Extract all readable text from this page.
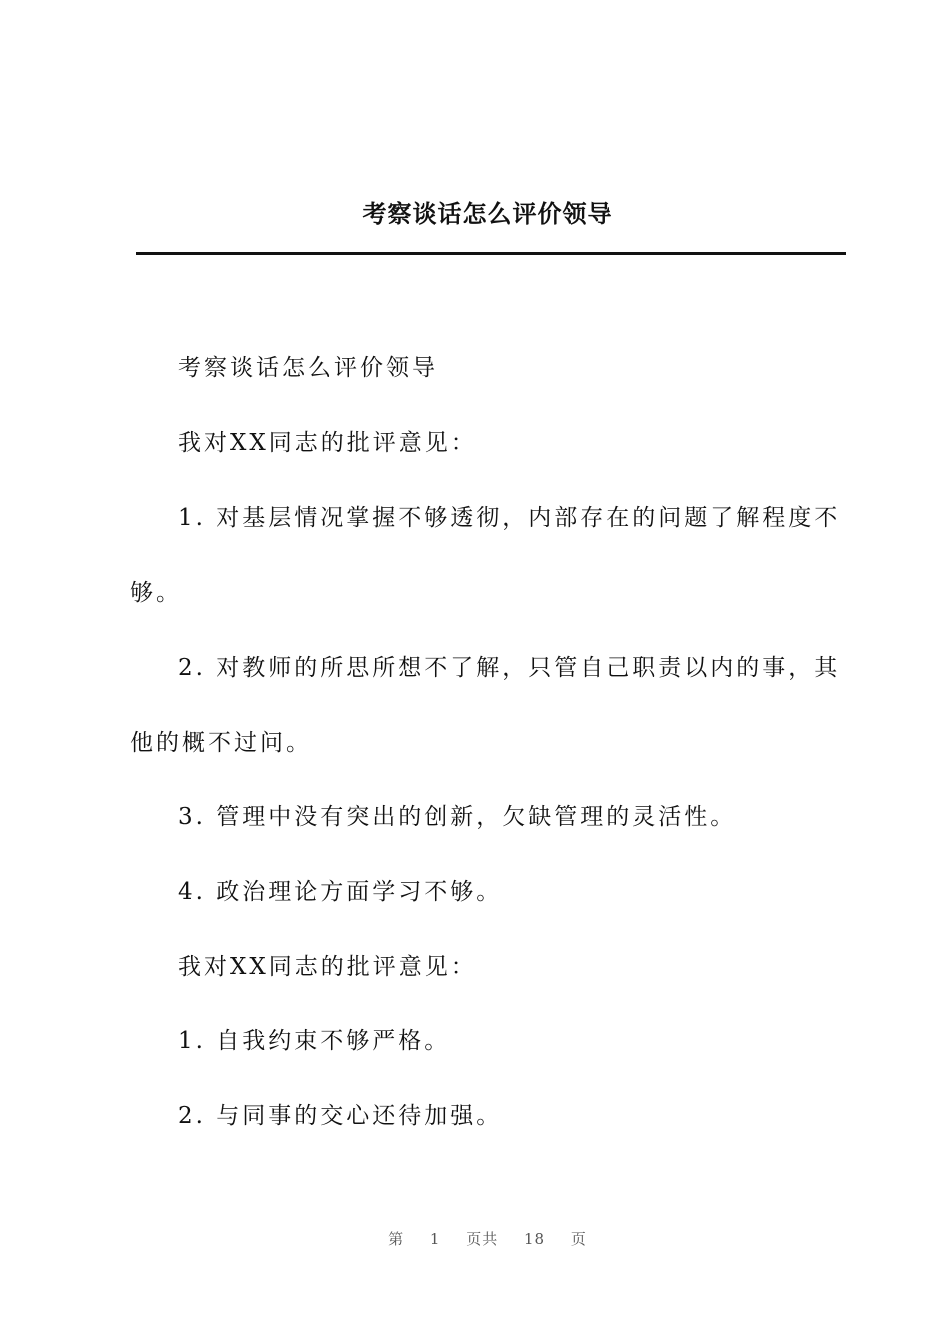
考察谈话怎么评价领导
考察谈话怎么评价领导
我对XX同志的批评意见：
1. 对基层情况掌握不够透彻，内部存在的问题了解程度不
够。
2. 对教师的所思所想不了解，只管自己职责以内的事，其
他的概不过问。
3. 管理中没有突出的创新，欠缺管理的灵活性。
4. 政治理论方面学习不够。
我对XX同志的批评意见：
1. 自我约束不够严格。
2. 与同事的交心还待加强。
第 1 页共 18 页
